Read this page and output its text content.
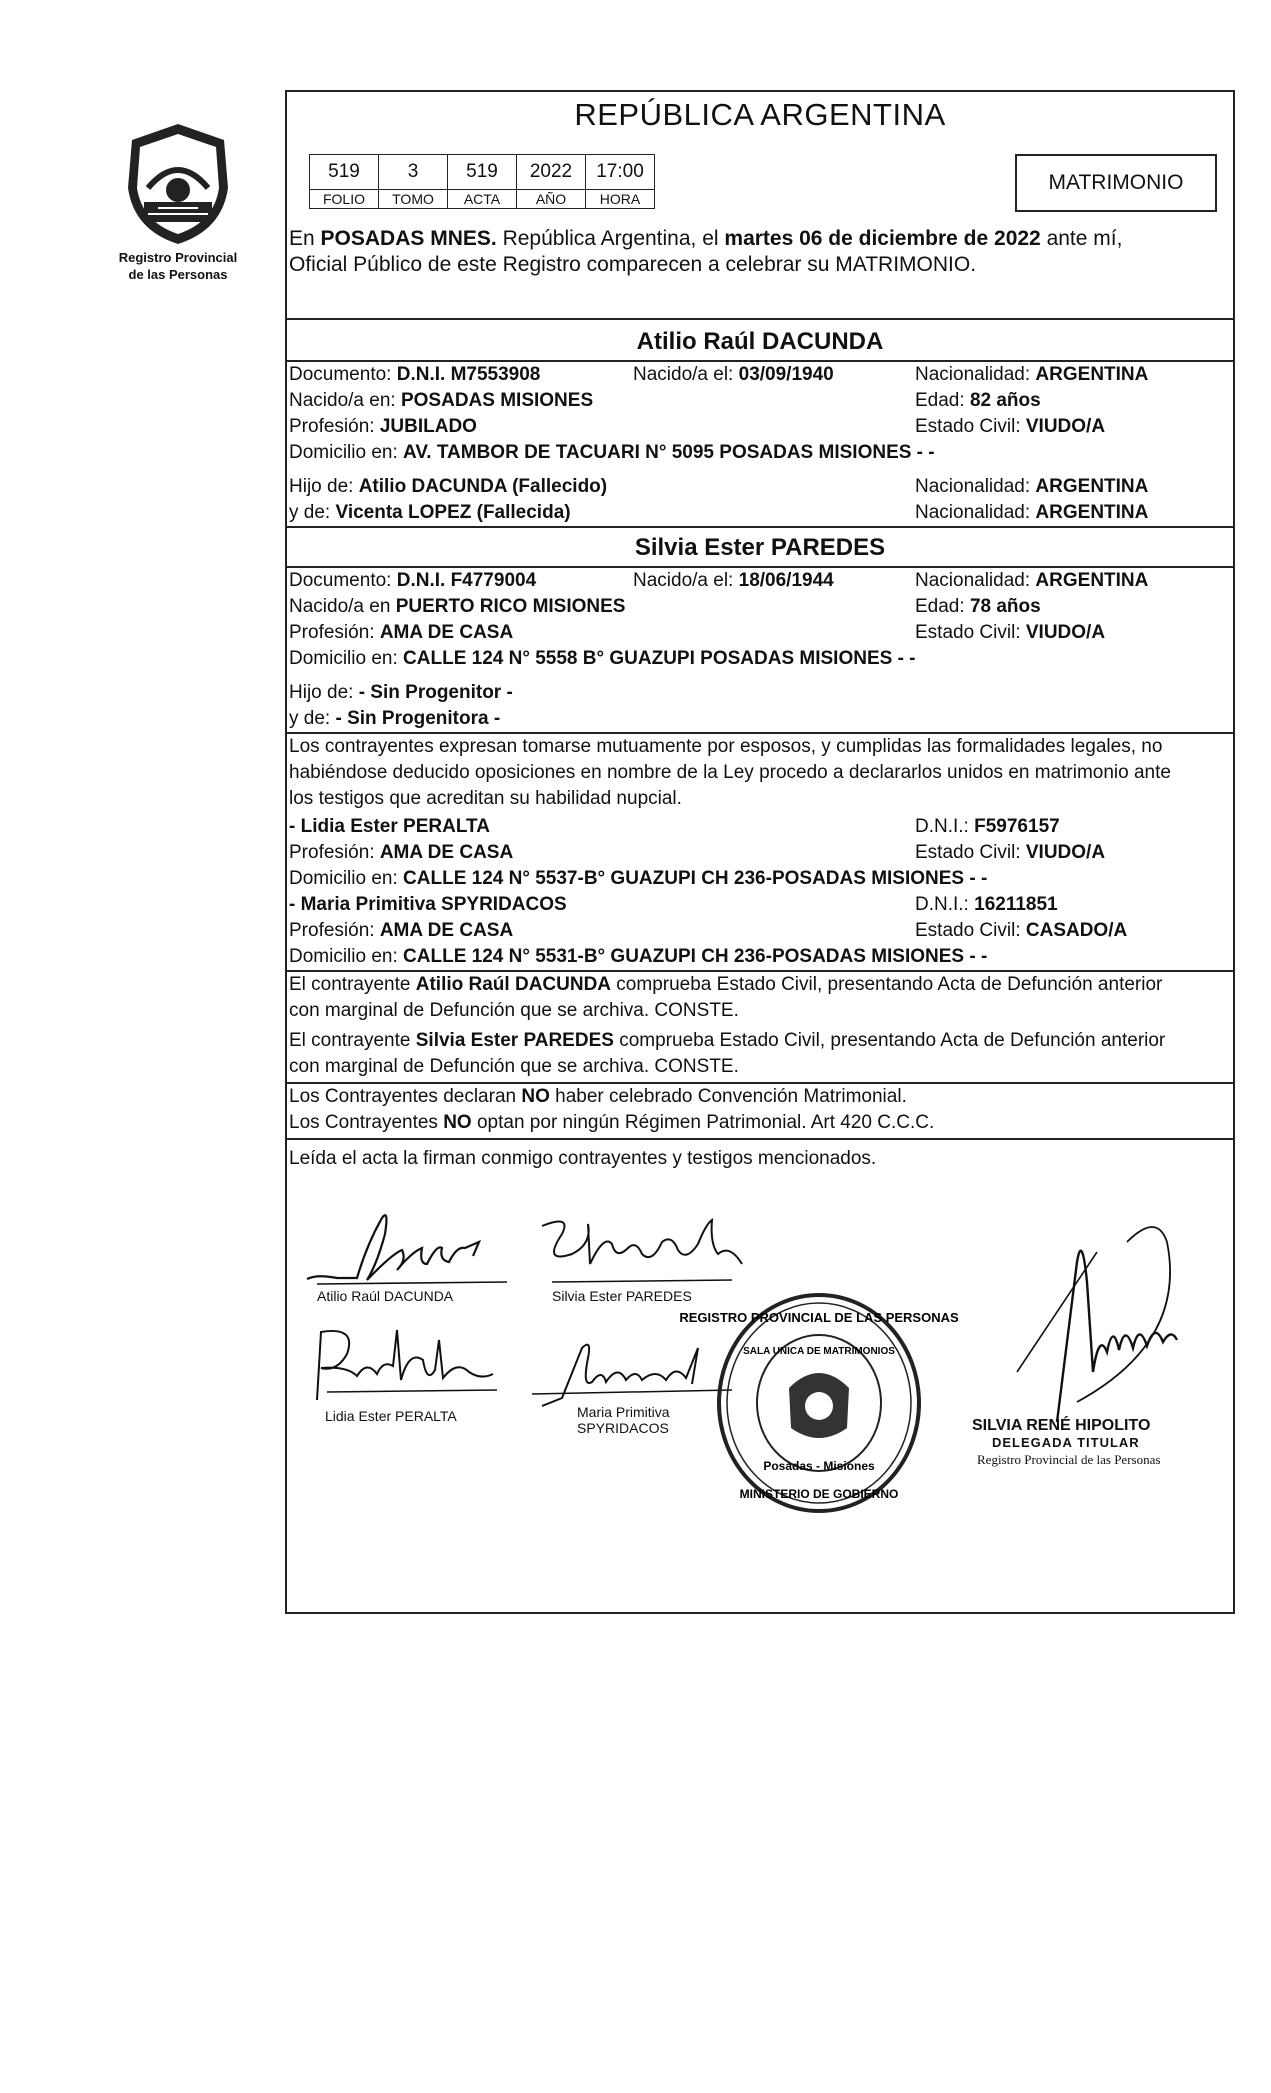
Registro Provincial
de las Personas
REPÚBLICA ARGENTINA
519	3	519	2022	17:00
FOLIO	TOMO	ACTA	AÑO	HORA
MATRIMONIO
En POSADAS MNES. República Argentina, el martes 06 de diciembre de 2022 ante mí,
Oficial Público de este Registro comparecen a celebrar su MATRIMONIO.
Atilio Raúl DACUNDA
Documento: D.N.I. M7553908	Nacido/a el: 03/09/1940	Nacionalidad: ARGENTINA
Nacido/a en: POSADAS MISIONES	Edad: 82 años
Profesión: JUBILADO	Estado Civil: VIUDO/A
Domicilio en: AV. TAMBOR DE TACUARI N° 5095 POSADAS MISIONES - -
Hijo de: Atilio DACUNDA (Fallecido)	Nacionalidad: ARGENTINA
y de: Vicenta LOPEZ (Fallecida)	Nacionalidad: ARGENTINA
Silvia Ester PAREDES
Documento: D.N.I. F4779004	Nacido/a el: 18/06/1944	Nacionalidad: ARGENTINA
Nacido/a en PUERTO RICO MISIONES	Edad: 78 años
Profesión: AMA DE CASA	Estado Civil: VIUDO/A
Domicilio en: CALLE 124 N° 5558 B° GUAZUPI POSADAS MISIONES - -
Hijo de: - Sin Progenitor -
y de: - Sin Progenitora -
Los contrayentes expresan tomarse mutuamente por esposos, y cumplidas las formalidades legales, no
habiéndose deducido oposiciones en nombre de la Ley procedo a declararlos unidos en matrimonio ante
los testigos que acreditan su habilidad nupcial.
- Lidia Ester PERALTA	D.N.I.: F5976157
Profesión: AMA DE CASA	Estado Civil: VIUDO/A
Domicilio en: CALLE 124 N° 5537-B° GUAZUPI CH 236-POSADAS MISIONES - -
- Maria Primitiva SPYRIDACOS	D.N.I.: 16211851
Profesión: AMA DE CASA	Estado Civil: CASADO/A
Domicilio en: CALLE 124 N° 5531-B° GUAZUPI CH 236-POSADAS MISIONES - -
El contrayente Atilio Raúl DACUNDA comprueba Estado Civil, presentando Acta de Defunción anterior
con marginal de Defunción que se archiva. CONSTE.
El contrayente Silvia Ester PAREDES comprueba Estado Civil, presentando Acta de Defunción anterior
con marginal de Defunción que se archiva. CONSTE.
Los Contrayentes declaran NO haber celebrado Convención Matrimonial.
Los Contrayentes NO optan por ningún Régimen Patrimonial. Art 420 C.C.C.
Leída el acta la firman conmigo contrayentes y testigos mencionados.
Atilio Raúl DACUNDA	Silvia Ester PAREDES
Lidia Ester PERALTA	Maria Primitiva
SPYRIDACOS
REGISTRO PROVINCIAL DE LAS PERSONAS
SALA UNICA DE MATRIMONIOS
Posadas - Misiones
MINISTERIO DE GOBIERNO
SILVIA RENÉ HIPOLITO
DELEGADA TITULAR
Registro Provincial de las Personas
